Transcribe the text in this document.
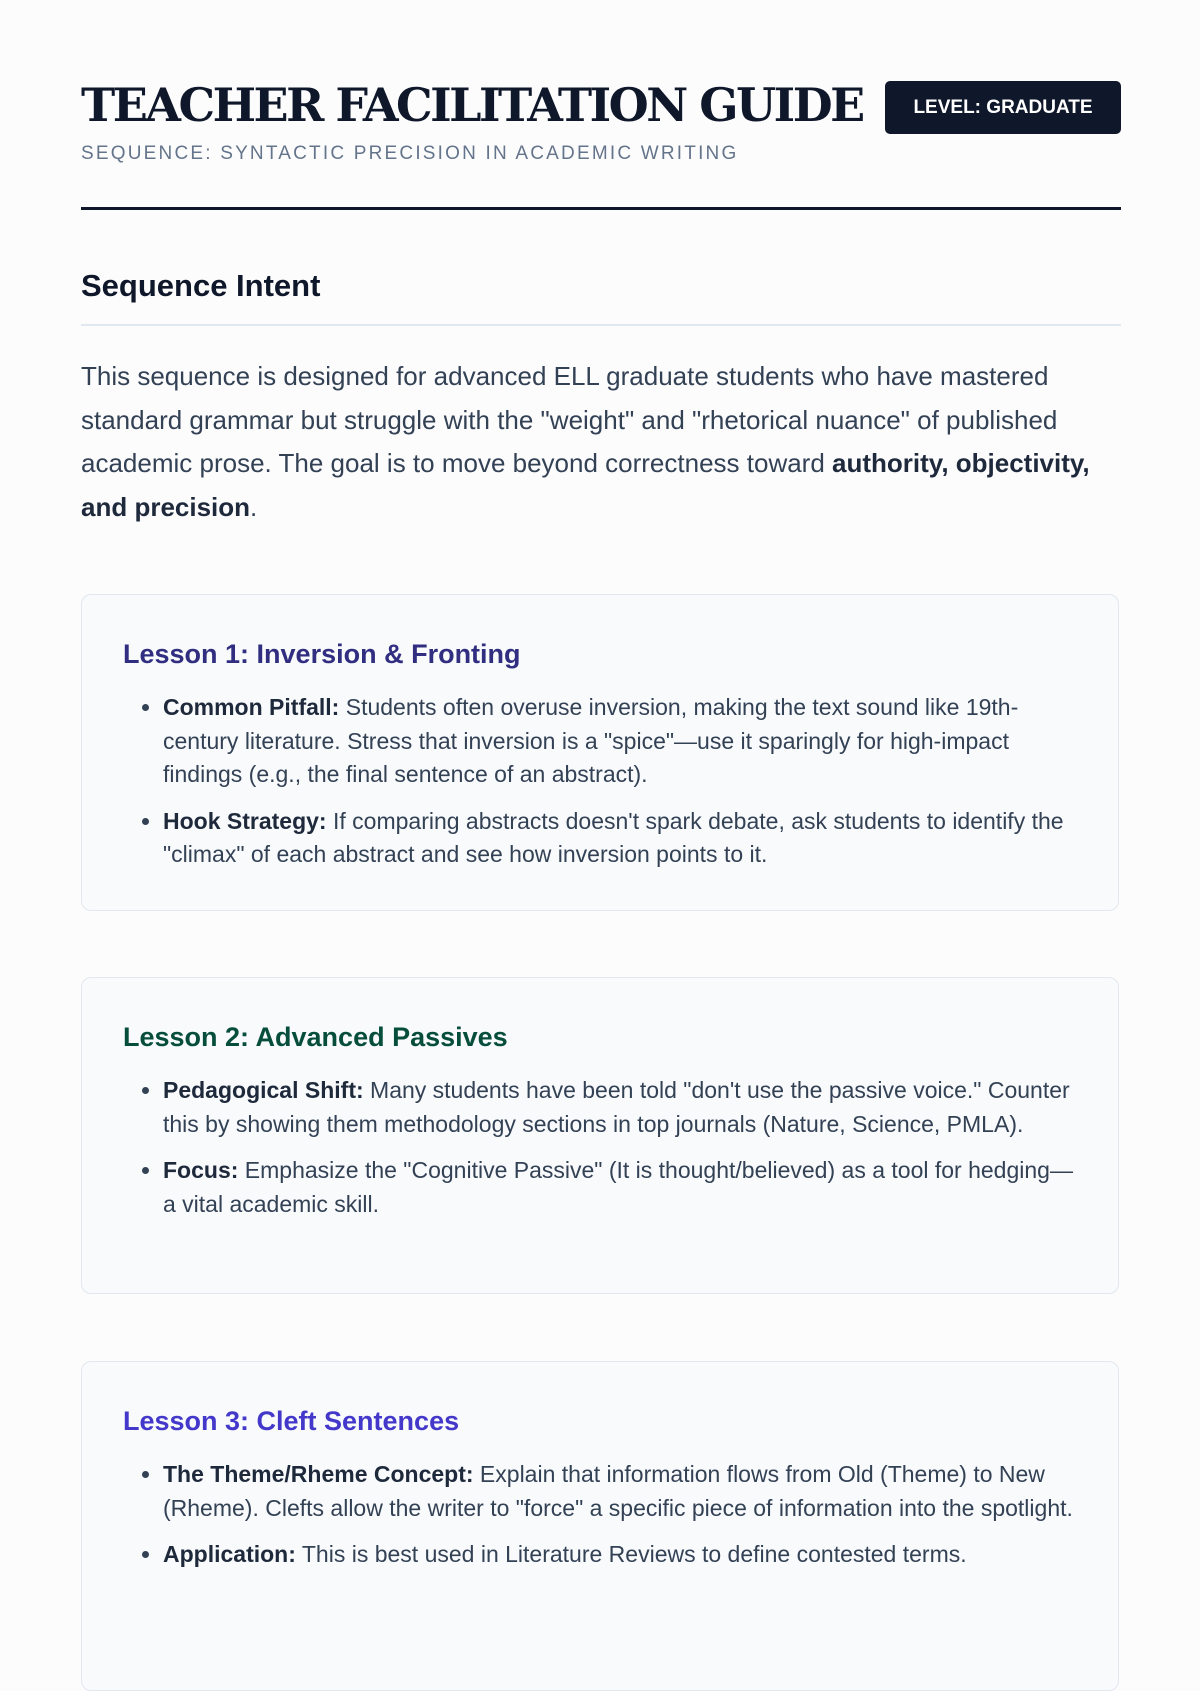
TEACHER FACILITATION GUIDE
SEQUENCE: SYNTACTIC PRECISION IN ACADEMIC WRITING
LEVEL: GRADUATE
Sequence Intent

This sequence is designed for advanced ELL graduate students who have mastered standard grammar but struggle with the "weight" and "rhetorical nuance" of published academic prose. The goal is to move beyond correctness toward authority, objectivity, and precision.

Lesson 1: Inversion & Fronting
• Common Pitfall: Students often overuse inversion, making the text sound like 19th-century literature. Stress that inversion is a "spice"—use it sparingly for high-impact findings (e.g., the final sentence of an abstract).
• Hook Strategy: If comparing abstracts doesn't spark debate, ask students to identify the "climax" of each abstract and see how inversion points to it.
Lesson 2: Advanced Passives
• Pedagogical Shift: Many students have been told "don't use the passive voice." Counter this by showing them methodology sections in top journals (Nature, Science, PMLA).
• Focus: Emphasize the "Cognitive Passive" (It is thought/believed) as a tool for hedging—a vital academic skill.
Lesson 3: Cleft Sentences
• The Theme/Rheme Concept: Explain that information flows from Old (Theme) to New (Rheme). Clefts allow the writer to "force" a specific piece of information into the spotlight.
• Application: This is best used in Literature Reviews to define contested terms.
